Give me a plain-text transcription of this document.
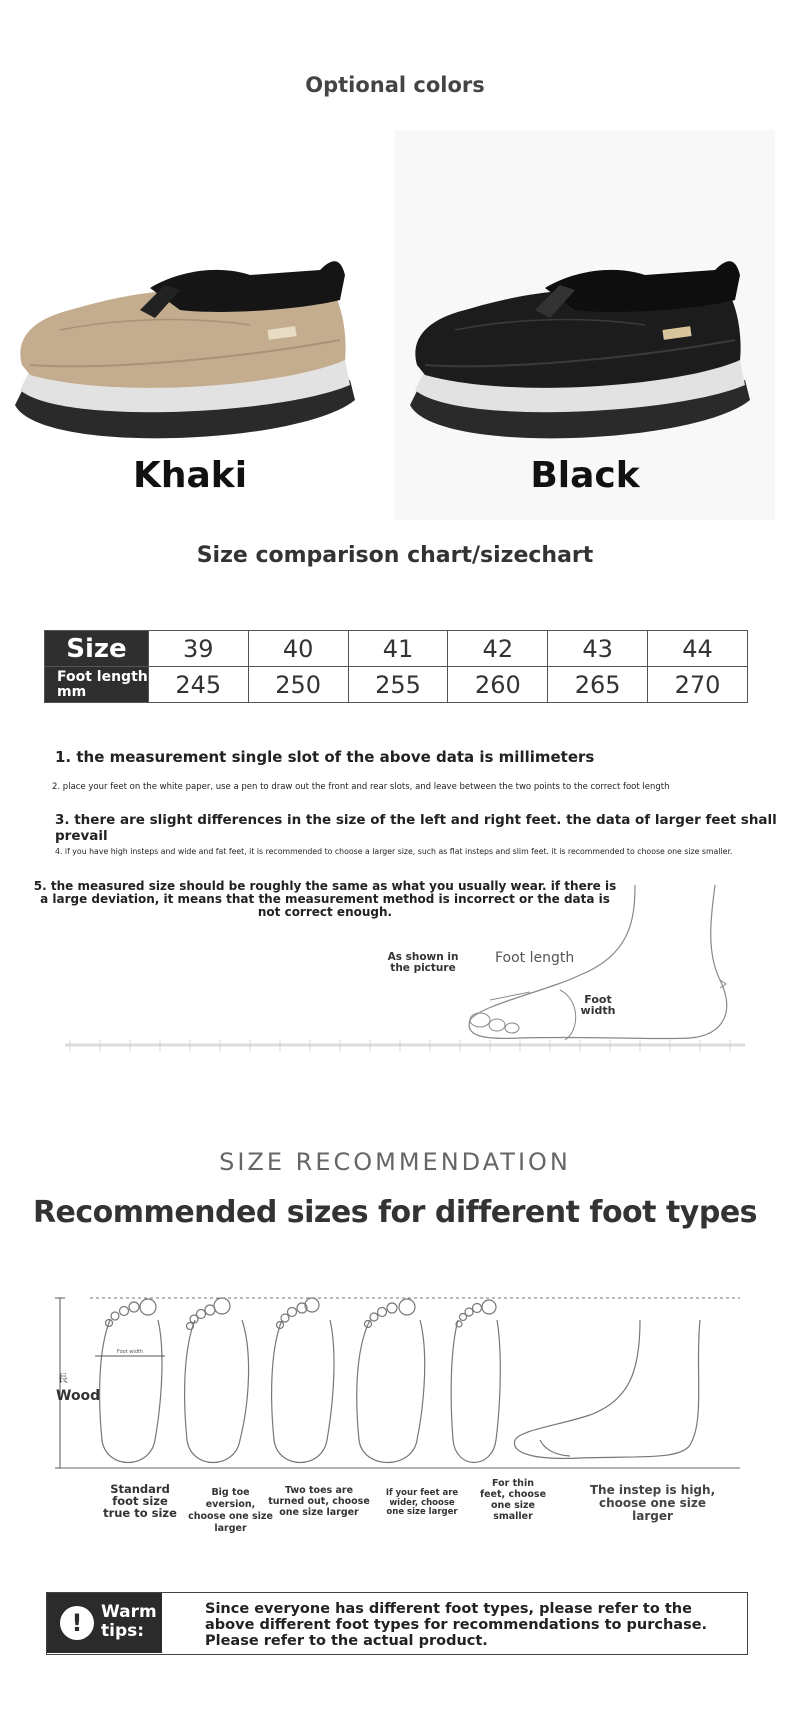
Optional colors
Khaki	Black
Size comparison chart/sizechart
Size	39	40	41	42	43	44
Foot length mm	245	250	255	260	265	270
1. the measurement single slot of the above data is millimeters
2. place your feet on the white paper, use a pen to draw out the front and rear slots, and leave between the two points to the correct foot length
3. there are slight differences in the size of the left and right feet. the data of larger feet shall prevail
4. if you have high insteps and wide and fat feet, it is recommended to choose a larger size, such as flat insteps and slim feet. it is recommended to choose one size smaller.
5. the measured size should be roughly the same as what you usually wear. if there is a large deviation, it means that the measurement method is incorrect or the data is not correct enough.
As shown in the picture
Foot length
Foot width
SIZE RECOMMENDATION
Recommended sizes for different foot types
Foot width
長
Wood
Standard foot size true to size
Big toe eversion, choose one size larger
Two toes are turned out, choose one size larger
If your feet are wider, choose one size larger
For thin feet, choose one size smaller
The instep is high, choose one size larger
!	Warm tips:
Since everyone has different foot types, please refer to the above different foot types for recommendations to purchase. Please refer to the actual product.
